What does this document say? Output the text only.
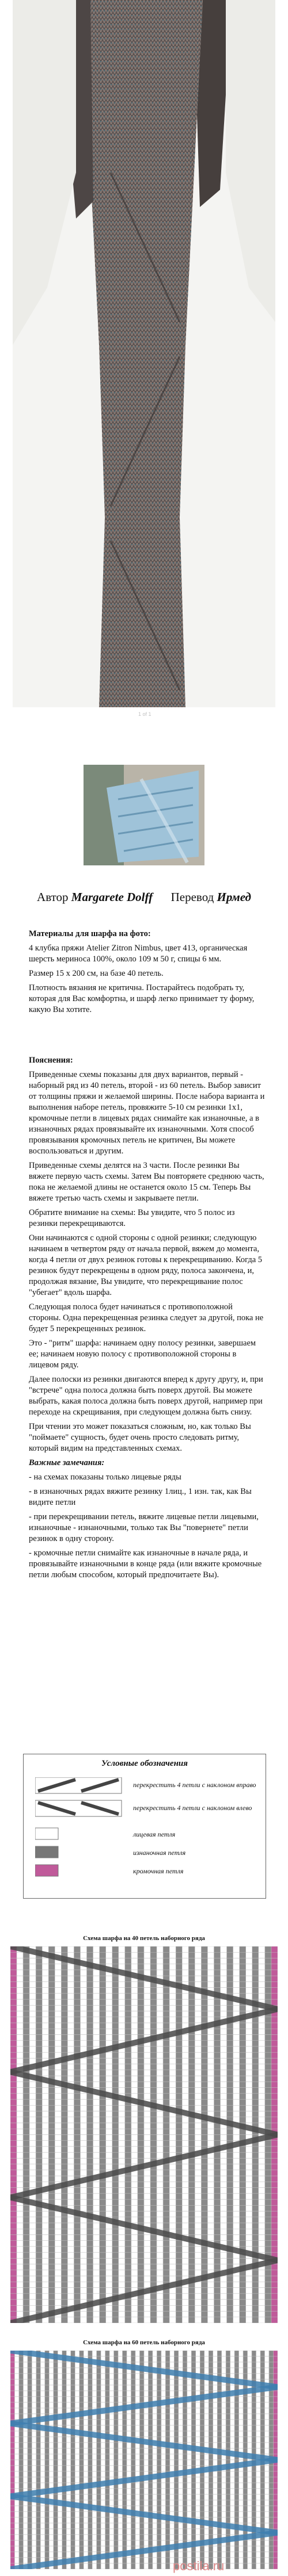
1 of 1
Автор Margarete Dolff Перевод Ирмед

Материалы для шарфа на фото:

4 клубка пряжи Atelier Zitron Nimbus, цвет 413, органическая шерсть мериноса 100%, около 109 м 50 г, спицы 6 мм.

Размер 15 х 200 см, на базе 40 петель.

Плотность вязания не критична. Постарайтесь подобрать ту, которая для Вас комфортна, и шарф легко принимает ту форму, какую Вы хотите.

Пояснения:

Приведенные схемы показаны для двух вариантов, первый - наборный ряд из 40 петель, второй - из 60 петель. Выбор зависит от толщины пряжи и желаемой ширины. После набора варианта и выполнения наборе петель, провяжите 5-10 см резинки 1x1, кромочные петли в лицевых рядах снимайте как изнаночные, а в изнаночных рядах провязывайте их изнаночными. Хотя способ провязывания кромочных петель не критичен, Вы можете воспользоваться и другим.

Приведенные схемы делятся на 3 части. После резинки Вы вяжете первую часть схемы. Затем Вы повторяете среднюю часть, пока не желаемой длины не останется около 15 см. Теперь Вы вяжете третью часть схемы и закрываете петли.

Обратите внимание на схемы: Вы увидите, что 5 полос из резинки перекрещиваются.

Они начинаются с одной стороны с одной резинки; следующую начинаем в четвертом ряду от начала первой, вяжем до момента, когда 4 петли от двух резинок готовы к перекрещиванию. Когда 5 резинок будут перекрещены в одном ряду, полоса закончена, и, продолжая вязание, Вы увидите, что перекрещивание полос "убегает" вдоль шарфа.

Следующая полоса будет начинаться с противоположной стороны. Одна перекрещенная резинка следует за другой, пока не будет 5 перекрещенных резинок.

Это - "ритм" шарфа: начинаем одну полосу резинки, завершаем ее; начинаем новую полосу с противоположной стороны в лицевом ряду.

Далее полоски из резинки двигаются вперед к другу другу, и, при "встрече" одна полоса должна быть поверх другой. Вы можете выбрать, какая полоса должна быть поверх другой, например при переходе на скрещивания, при следующем должна быть снизу.

При чтении это может показаться сложным, но, как только Вы "поймаете" сущность, будет очень просто следовать ритму, который видим на представленных схемах.

Важные замечания:

- на схемах показаны только лицевые ряды

- в изнаночных рядах вяжите резинку 1лиц., 1 изн. так, как Вы видите петли

- при перекрещивании петель, вяжите лицевые петли лицевыми, изнаночные - изнаночными, только так Вы "повернете" петли резинок в одну сторону.

- кромочные петли снимайте как изнаночные в начале ряда, и провязывайте изнаночными в конце ряда (или вяжите кромочные петли любым способом, который предпочитаете Вы).

Условные обозначения
перекрестить 4 петли с наклоном вправо
перекрестить 4 петли с наклоном влево
лицевая петля
изнаночная петля
кромочная петля
Схема шарфа на 40 петель наборного ряда
Схема шарфа на 60 петель наборного ряда
postila.ru
